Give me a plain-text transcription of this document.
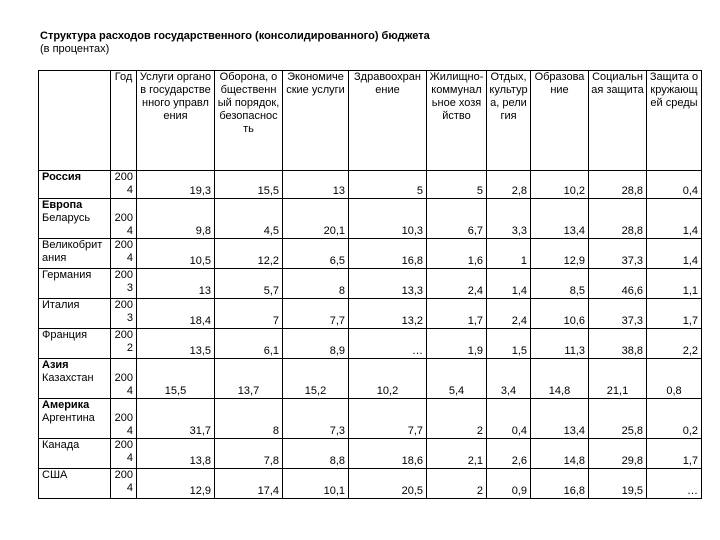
Структура расходов государственного (консолидированного) бюджета
(в процентах)
	Год	Услуги органов государственного управления	Оборона, общественный порядок, безопасность	Экономические услуги	Здравоохранение	Жилищно-коммунальное хозяйство	Отдых, культура, религия	Образование	Социальная защита	Защита окружающей среды
Россия	2004	19,3	15,5	13	5	5	2,8	10,2	28,8	0,4

Европа
Беларусь	2004	9,8	4,5	20,1	10,3	6,7	3,3	13,4	28,8	1,4
Великобритания	2004	10,5	12,2	6,5	16,8	1,6	1	12,9	37,3	1,4
Германия	2003	13	5,7	8	13,3	2,4	1,4	8,5	46,6	1,1
Италия	2003	18,4	7	7,7	13,2	1,7	2,4	10,6	37,3	1,7
Франция	2002	13,5	6,1	8,9	…	1,9	1,5	11,3	38,8	2,2

Азия
Казахстан	2004	15,5	13,7	15,2	10,2	5,4	3,4	14,8	21,1	0,8

Америка
Аргентина	2004	31,7	8	7,3	7,7	2	0,4	13,4	25,8	0,2
Канада	2004	13,8	7,8	8,8	18,6	2,1	2,6	14,8	29,8	1,7
США	2004	12,9	17,4	10,1	20,5	2	0,9	16,8	19,5	…
